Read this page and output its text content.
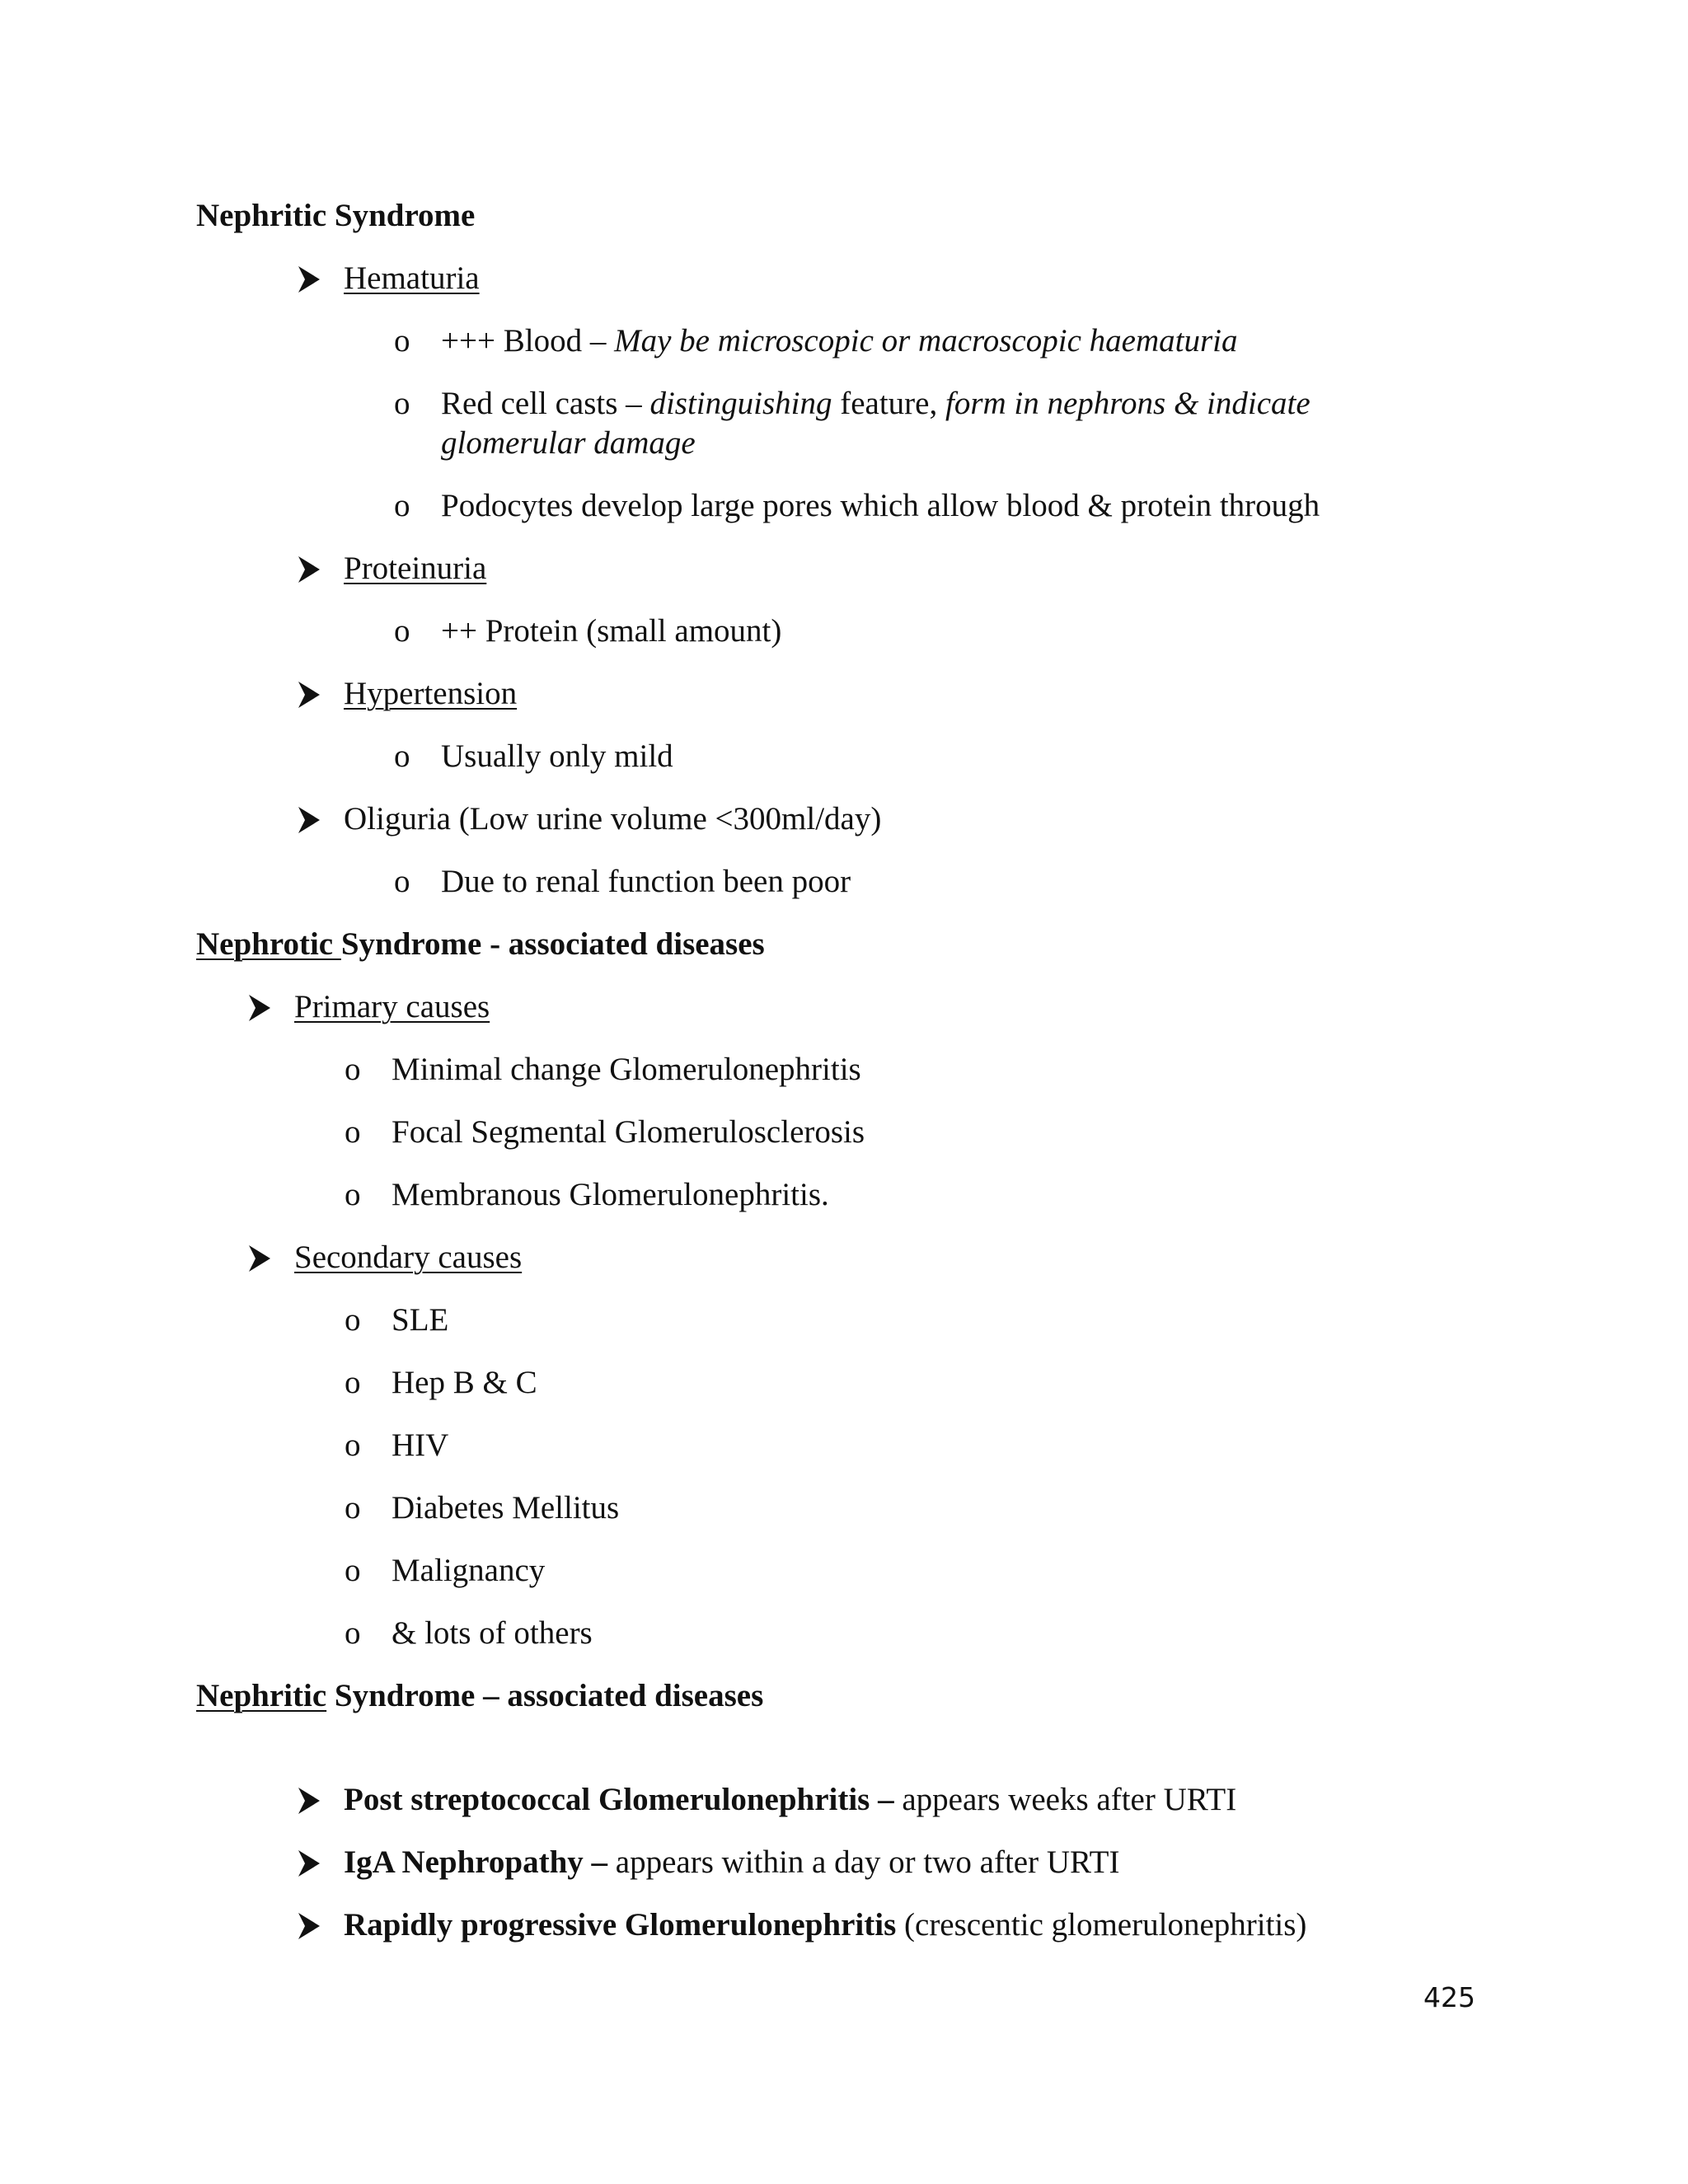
Nephritic Syndrome
Hematuria
o +++ Blood – May be microscopic or macroscopic haematuria
o Red cell casts – distinguishing feature, form in nephrons & indicate
glomerular damage
o Podocytes develop large pores which allow blood & protein through
Proteinuria
o ++ Protein (small amount)
Hypertension
o Usually only mild
Oliguria (Low urine volume <300ml/day)
o Due to renal function been poor
Nephrotic Syndrome - associated diseases
Primary causes
o Minimal change Glomerulonephritis
o Focal Segmental Glomerulosclerosis
o Membranous Glomerulonephritis.
Secondary causes
o SLE
o Hep B & C
o HIV
o Diabetes Mellitus
o Malignancy
o & lots of others
Nephritic Syndrome – associated diseases
Post streptococcal Glomerulonephritis – appears weeks after URTI
IgA Nephropathy – appears within a day or two after URTI
Rapidly progressive Glomerulonephritis (crescentic glomerulonephritis)
425
